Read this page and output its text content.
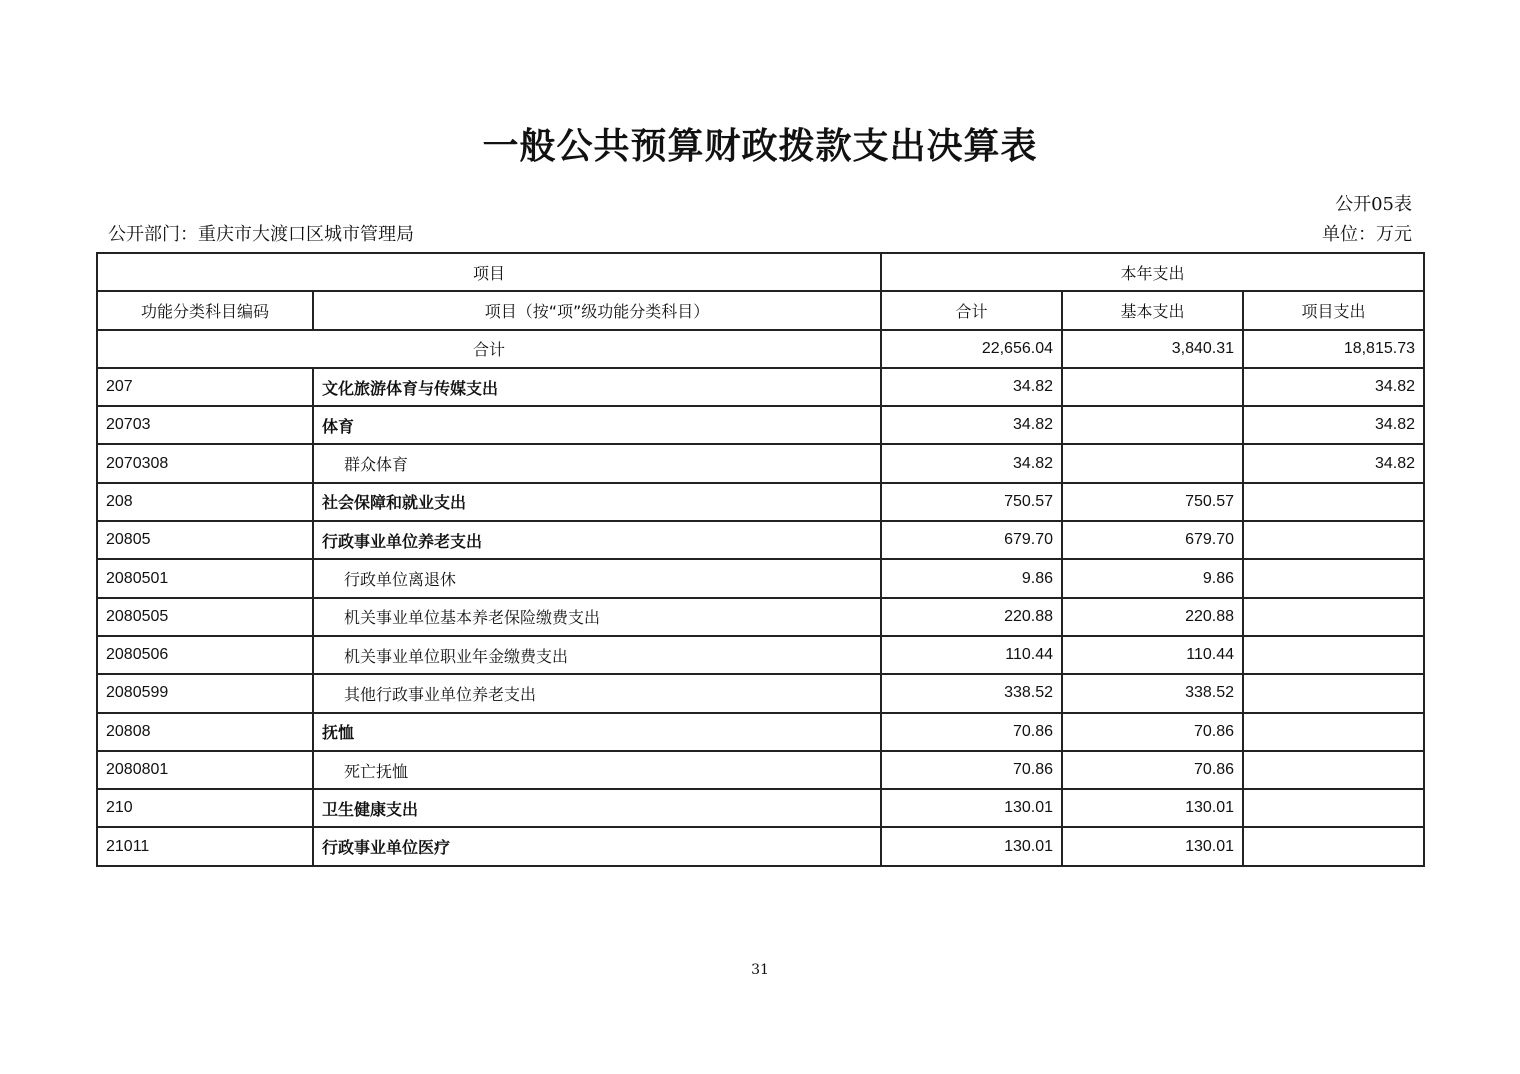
一般公共预算财政拨款支出决算表
公开05表
公开部门：重庆市大渡口区城市管理局	单位：万元
项目		本年支出		
功能分类科目编码	项目（按“项”级功能分类科目）	合计	基本支出	项目支出
合计		22,656.04	3,840.31	18,815.73
207	文化旅游体育与传媒支出	34.82		34.82
20703	体育	34.82		34.82
2070308	群众体育	34.82		34.82
208	社会保障和就业支出	750.57	750.57	
20805	行政事业单位养老支出	679.70	679.70	
2080501	行政单位离退休	9.86	9.86	
2080505	机关事业单位基本养老保险缴费支出	220.88	220.88	
2080506	机关事业单位职业年金缴费支出	110.44	110.44	
2080599	其他行政事业单位养老支出	338.52	338.52	
20808	抚恤	70.86	70.86	
2080801	死亡抚恤	70.86	70.86	
210	卫生健康支出	130.01	130.01	
21011	行政事业单位医疗	130.01	130.01	
31
